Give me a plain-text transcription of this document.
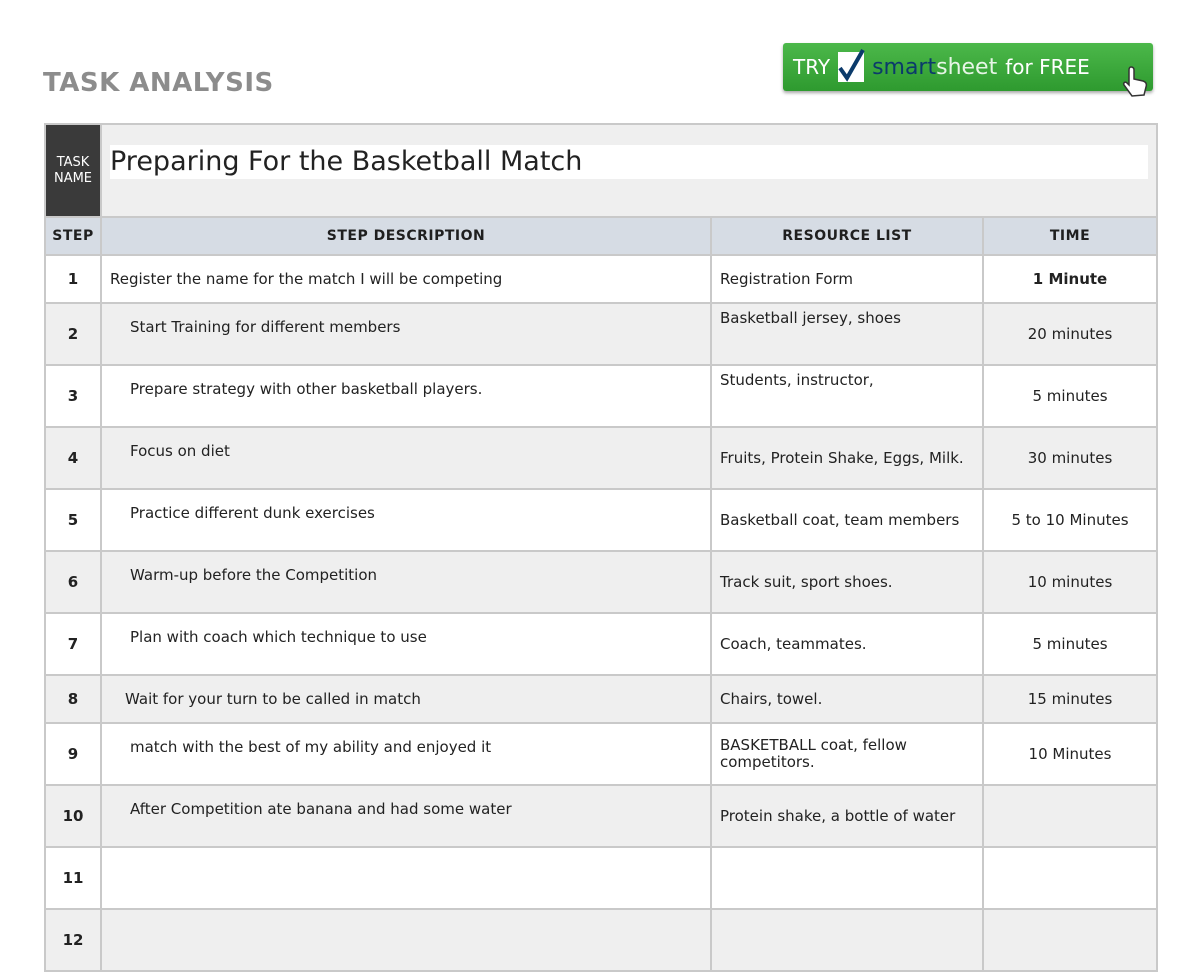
TASK ANALYSIS
TRY smartsheet for FREE
TASK NAME	Preparing For the Basketball Match		

STEP	STEP DESCRIPTION	RESOURCE LIST	TIME
1	Register the name for the match I will be competing	Registration Form	1 Minute
2	Start Training for different members	Basketball jersey, shoes	20 minutes
3	Prepare strategy with other basketball players.	Students, instructor,	5 minutes
4	Focus on diet	Fruits, Protein Shake, Eggs, Milk.	30 minutes
5	Practice different dunk exercises	Basketball coat, team members	5 to 10 Minutes
6	Warm-up before the Competition	Track suit, sport shoes.	10 minutes
7	Plan with coach which technique to use	Coach, teammates.	5 minutes
8	Wait for your turn to be called in match	Chairs, towel.	15 minutes
9	match with the best of my ability and enjoyed it	BASKETBALL coat, fellow competitors.	10 Minutes
10	After Competition ate banana and had some water	Protein shake, a bottle of water	
11			
12			
